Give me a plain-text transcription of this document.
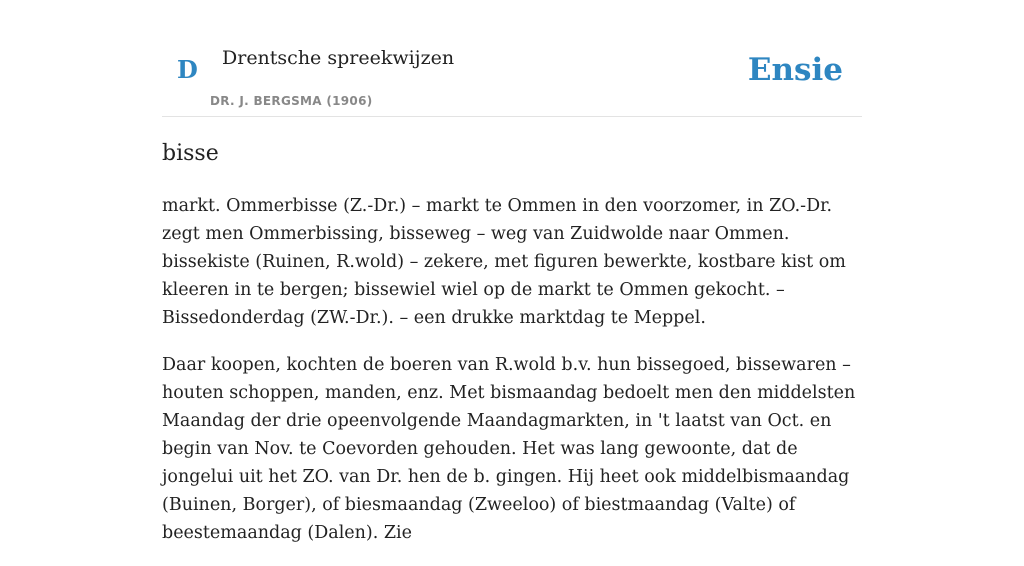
D Drentsche spreekwijzen
DR. J. BERGSMA (1906)
Ensie
bisse

markt. Ommerbisse (Z.-Dr.) – markt te Ommen in den voorzomer, in ZO.-Dr. zegt men Ommerbissing, bisseweg – weg van Zuidwolde naar Ommen. bissekiste (Ruinen, R.wold) – zekere, met figuren bewerkte, kostbare kist om kleeren in te bergen; bissewiel wiel op de markt te Ommen gekocht. – Bissedonderdag (ZW.-Dr.). – een drukke marktdag te Meppel.

Daar koopen, kochten de boeren van R.wold b.v. hun bissegoed, bissewaren – houten schoppen, manden, enz. Met bismaandag bedoelt men den middelsten Maandag der drie opeenvolgende Maandagmarkten, in 't laatst van Oct. en begin van Nov. te Coevorden gehouden. Het was lang gewoonte, dat de jongelui uit het ZO. van Dr. hen de b. gingen. Hij heet ook middelbismaandag (Buinen, Borger), of biesmaandag (Zweeloo) of biestmaandag (Valte) of beestemaandag (Dalen). Zie
